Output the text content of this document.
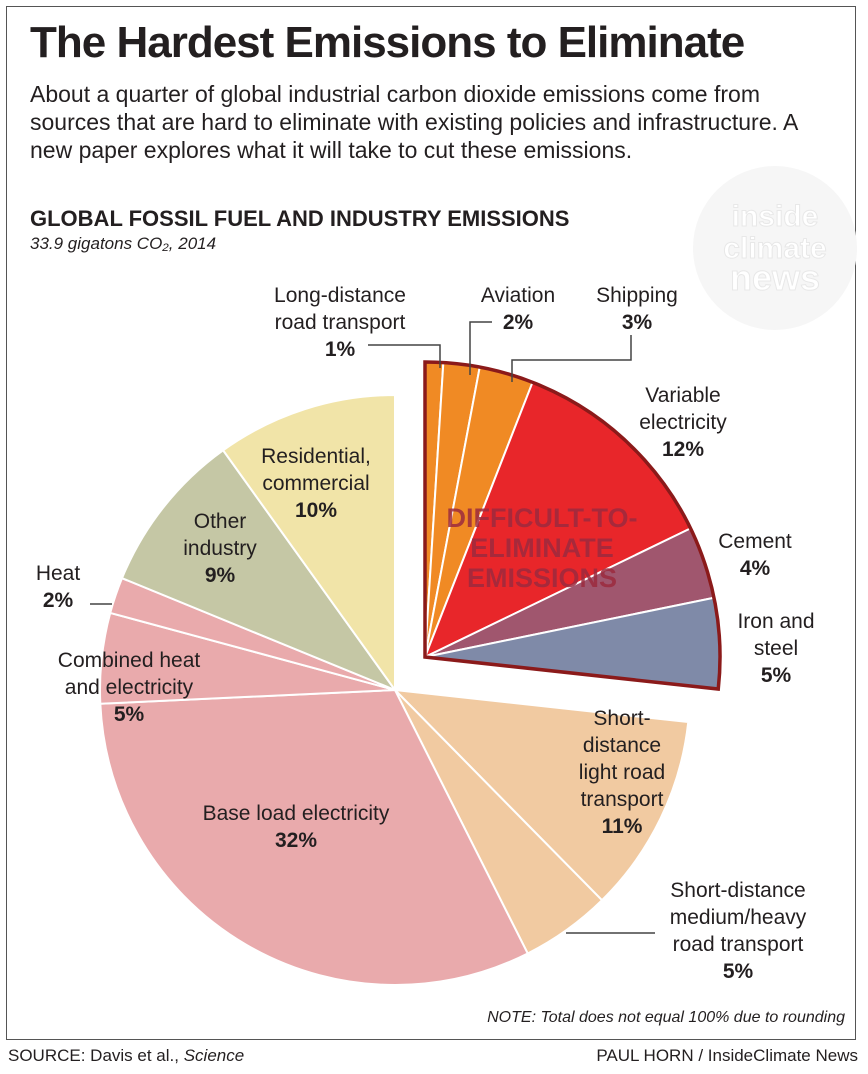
The Hardest Emissions to Eliminate
About a quarter of global industrial carbon dioxide emissions come from sources that are hard to eliminate with existing policies and infrastructure. A new paper explores what it will take to cut these emissions.
GLOBAL FOSSIL FUEL AND INDUSTRY EMISSIONS
33.9 gigatons CO₂, 2014
inside
climate
news
DIFFICULT-TO-
ELIMINATE
EMISSIONS
Long-distance road transport 1%
Aviation 2%
Shipping 3%
Variable electricity 12%
Cement 4%
Iron and steel 5%
Short-distance light road transport 11%
Short-distance medium/heavy road transport 5%
Base load electricity 32%
Combined heat and electricity 5%
Heat 2%
Other industry 9%
Residential, commercial 10%
NOTE: Total does not equal 100% due to rounding
SOURCE: Davis et al., Science	PAUL HORN / InsideClimate News
